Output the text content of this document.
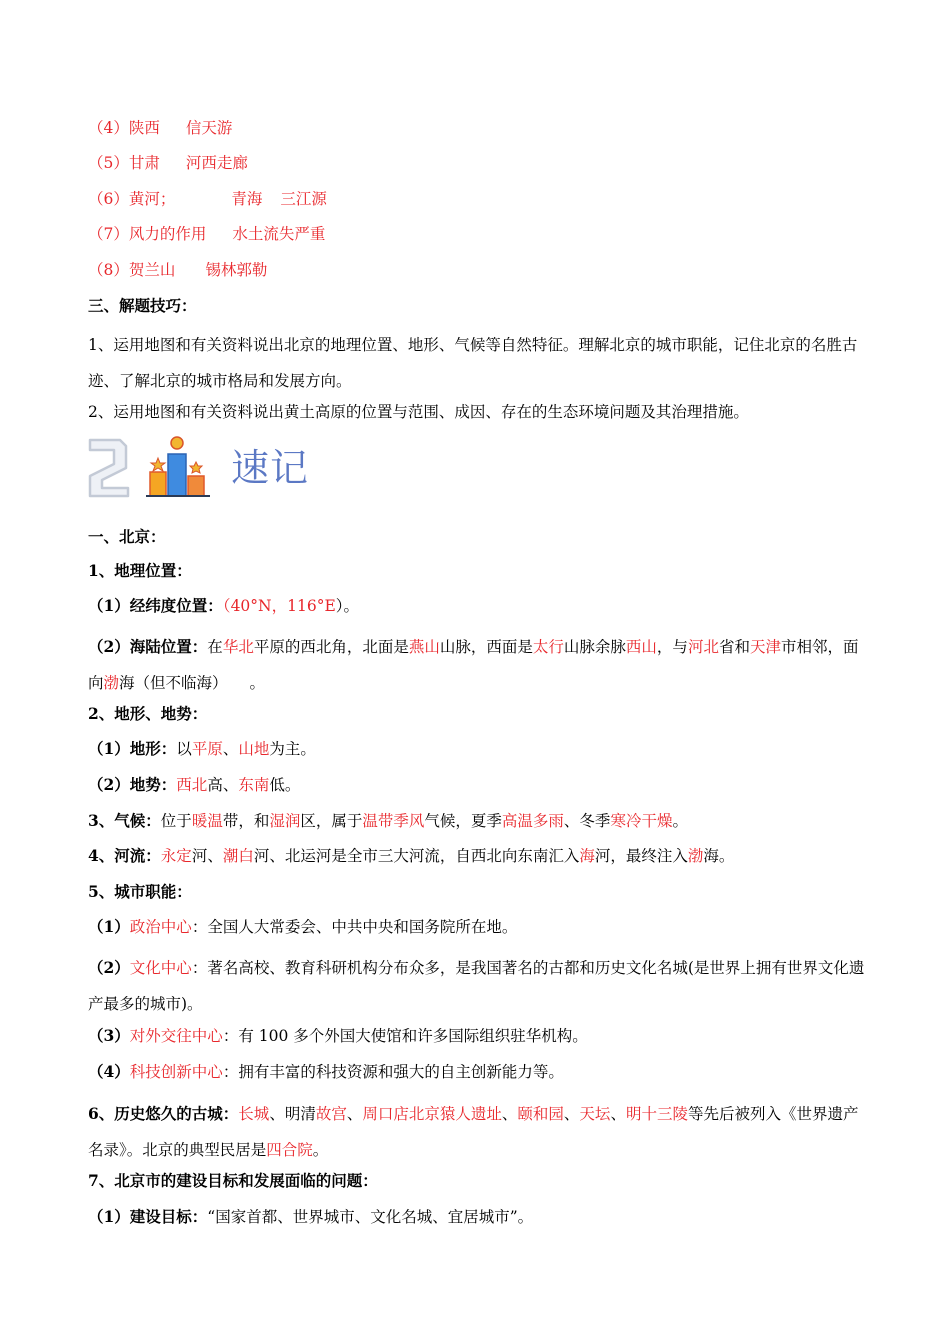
（4）陕西 信天游
（5）甘肃 河西走廊
（6）黄河；	青海 三江源
（7）风力的作用 水土流失严重
（8）贺兰山 锡林郭勒
三、解题技巧：
1、运用地图和有关资料说出北京的地理位置、地形、气候等自然特征。理解北京的城市职能，记住北京的名胜古迹、了解北京的城市格局和发展方向。
2、运用地图和有关资料说出黄土高原的位置与范围、成因、存在的生态环境问题及其治理措施。
速记
一、北京：
1、地理位置：
（1）经纬度位置：（40°N，116°E）。
（2）海陆位置：在华北平原的西北角，北面是燕山山脉，西面是太行山脉余脉西山，与河北省和天津市相邻，面向渤海（但不临海） 。
2、地形、地势：
（1）地形：以平原、山地为主。
（2）地势：西北高、东南低。
3、气候：位于暖温带，和湿润区，属于温带季风气候，夏季高温多雨、冬季寒冷干燥。
4、河流：永定河、潮白河、北运河是全市三大河流，自西北向东南汇入海河，最终注入渤海。
5、城市职能：
（1）政治中心：全国人大常委会、中共中央和国务院所在地。
（2）文化中心：著名高校、教育科研机构分布众多，是我国著名的古都和历史文化名城(是世界上拥有世界文化遗产最多的城市)。
（3）对外交往中心：有 100 多个外国大使馆和许多国际组织驻华机构。
（4）科技创新中心：拥有丰富的科技资源和强大的自主创新能力等。
6、历史悠久的古城：长城、明清故宫、周口店北京猿人遗址、颐和园、天坛、明十三陵等先后被列入《世界遗产名录》。北京的典型民居是四合院。
7、北京市的建设目标和发展面临的问题：
（1）建设目标：“国家首都、世界城市、文化名城、宜居城市”。
